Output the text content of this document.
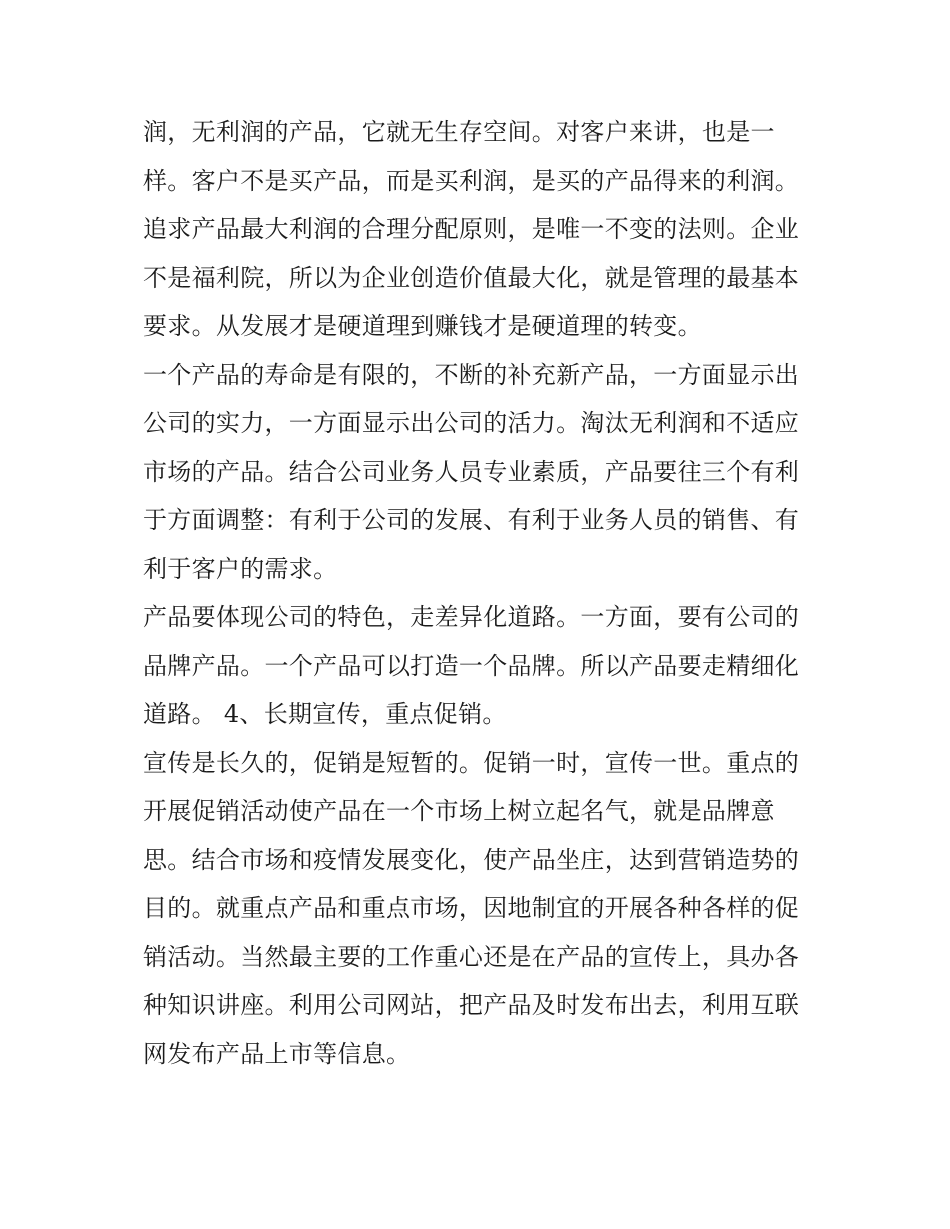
润，无利润的产品，它就无生存空间。对客户来讲，也是一
样。客户不是买产品，而是买利润，是买的产品得来的利润。
追求产品最大利润的合理分配原则，是唯一不变的法则。企业
不是福利院，所以为企业创造价值最大化，就是管理的最基本
要求。从发展才是硬道理到赚钱才是硬道理的转变。
一个产品的寿命是有限的，不断的补充新产品，一方面显示出
公司的实力，一方面显示出公司的活力。淘汰无利润和不适应
市场的产品。结合公司业务人员专业素质，产品要往三个有利
于方面调整：有利于公司的发展、有利于业务人员的销售、有
利于客户的需求。
产品要体现公司的特色，走差异化道路。一方面，要有公司的
品牌产品。一个产品可以打造一个品牌。所以产品要走精细化
道路。 4、长期宣传，重点促销。
宣传是长久的，促销是短暂的。促销一时，宣传一世。重点的
开展促销活动使产品在一个市场上树立起名气，就是品牌意
思。结合市场和疫情发展变化，使产品坐庄，达到营销造势的
目的。就重点产品和重点市场，因地制宜的开展各种各样的促
销活动。当然最主要的工作重心还是在产品的宣传上，具办各
种知识讲座。利用公司网站，把产品及时发布出去，利用互联
网发布产品上市等信息。
